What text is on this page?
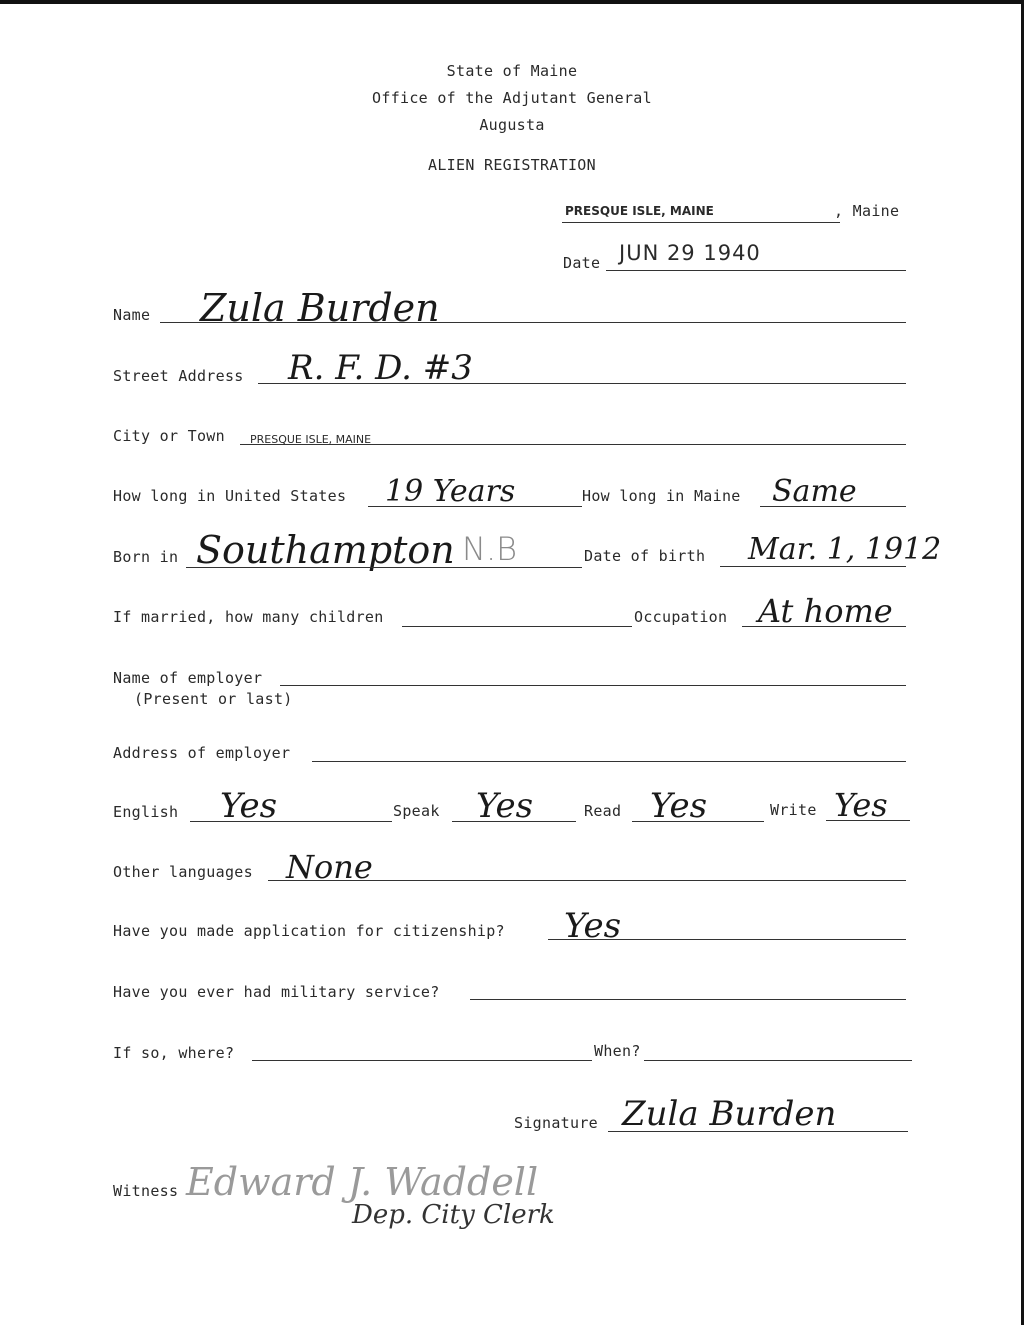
State of Maine
Office of the Adjutant General
Augusta
ALIEN REGISTRATION
PRESQUE ISLE, MAINE	, Maine
Date JUN 29 1940
Name Zula Burden
Street Address R. F. D. #3
City or Town PRESQUE ISLE, MAINE
How long in United States 19 Years	How long in Maine Same
Born in Southampton N.B	Date of birth Mar. 1, 1912
If married, how many children	Occupation At home
Name of employer
(Present or last)
Address of employer
English Yes	Speak Yes	Read Yes	Write Yes
Other languages None
Have you made application for citizenship? Yes
Have you ever had military service?
If so, where?	When?
Signature Zula Burden
Witness Edward J. Waddell
Dep. City Clerk
